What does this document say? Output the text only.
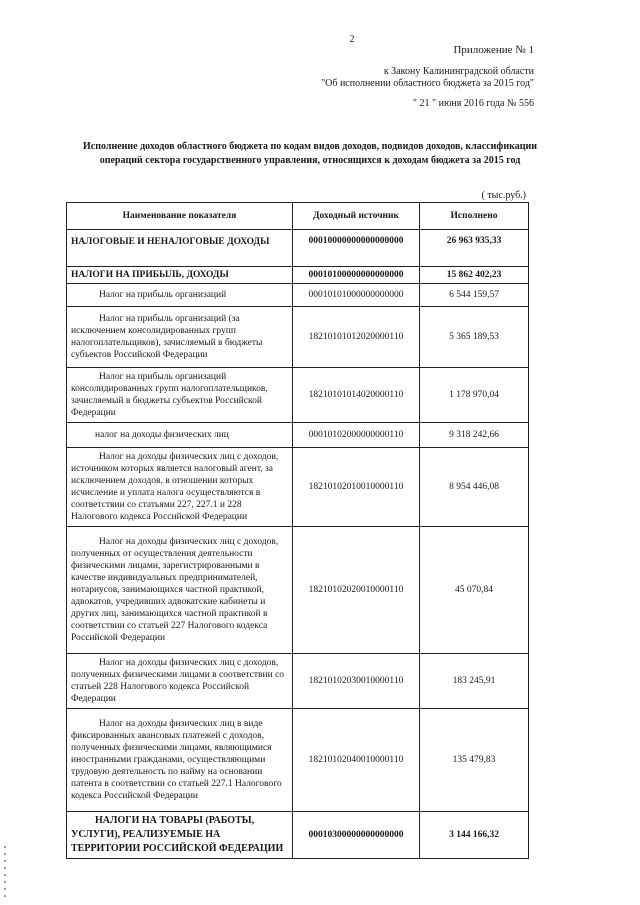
2
Приложение № 1
к Закону Калининградской области
"Об исполнении областного бюджета за 2015 год"
" 21 " июня 2016 года № 556
Исполнение доходов областного бюджета по кодам видов доходов, подвидов доходов, классификации
операций сектора государственного управления, относящихся к доходам бюджета за 2015 год
( тыс.руб.)
Наименование показателя	Доходный источник	Исполнено
НАЛОГОВЫЕ И НЕНАЛОГОВЫЕ ДОХОДЫ	00010000000000000000	26 963 935,33
НАЛОГИ НА ПРИБЫЛЬ, ДОХОДЫ	00010100000000000000	15 862 402,23
Налог на прибыль организаций	00010101000000000000	6 544 159,57
Налог на прибыль организаций (за исключением консолидированных групп налогоплательщиков), зачисляемый в бюджеты субъектов Российской Федерации	18210101012020000110	5 365 189,53
Налог на прибыль организаций консолидированных групп налогоплательщиков, зачисляемый в бюджеты субъектов Российской Федерации	18210101014020000110	1 178 970,04
налог на доходы физических лиц	00010102000000000110	9 318 242,66
Налог на доходы физических лиц с доходов, источником которых является налоговый агент, за исключением доходов, в отношении которых исчисление и уплата налога осуществляются в соответствии со статьями 227, 227.1 и 228 Налогового кодекса Российской Федерации	18210102010010000110	8 954 446,08
Налог на доходы физических лиц с доходов, полученных от осуществления деятельности физическими лицами, зарегистрированными в качестве индивидуальных предпринимателей, нотариусов, занимающихся частной практикой, адвокатов, учредивших адвокатские кабинеты и других лиц, занимающихся частной практикой в соответствии со статьей 227 Налогового кодекса Российской Федерации	18210102020010000110	45 070,84
Налог на доходы физических лиц с доходов, полученных физическими лицами в соответствии со статьей 228 Налогового кодекса Российской Федерации	18210102030010000110	183 245,91
Налог на доходы физических лиц в виде фиксированных авансовых платежей с доходов, полученных физическими лицами, являющимися иностранными гражданами, осуществляющими трудовую деятельность по найму на основании патента в соответствии со статьей 227.1 Налогового кодекса Российской Федерации	18210102040010000110	135 479,83
НАЛОГИ НА ТОВАРЫ (РАБОТЫ, УСЛУГИ), РЕАЛИЗУЕМЫЕ НА ТЕРРИТОРИИ РОССИЙСКОЙ ФЕДЕРАЦИИ	00010300000000000000	3 144 166,32
